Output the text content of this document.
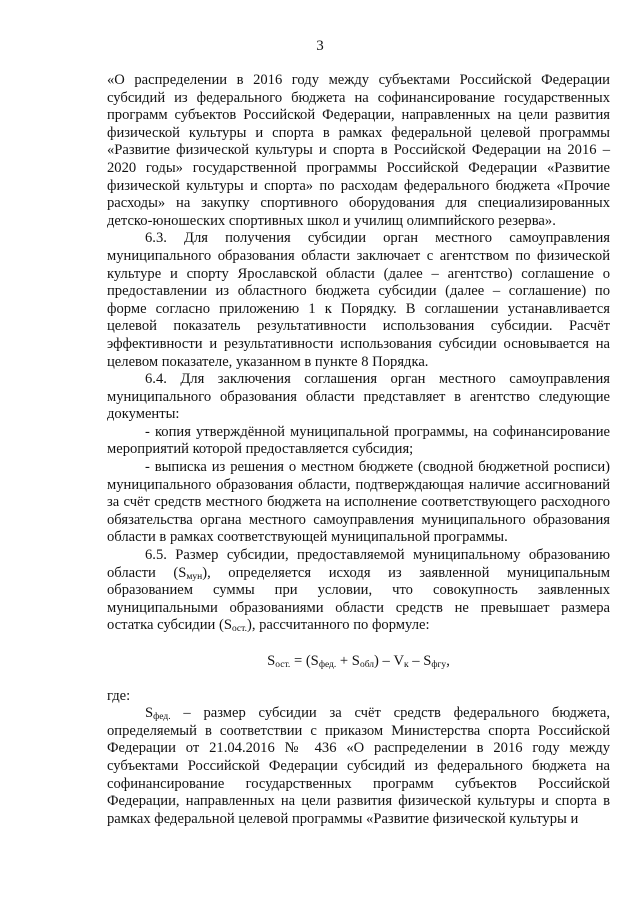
3

«О распределении в 2016 году между субъектами Российской Федерации субсидий из федерального бюджета на софинансирование государственных программ субъектов Российской Федерации, направленных на цели развития физической культуры и спорта в рамках федеральной целевой программы «Развитие физической культуры и спорта в Российской Федерации на 2016 – 2020 годы» государственной программы Российской Федерации «Развитие физической культуры и спорта» по расходам федерального бюджета «Прочие расходы» на закупку спортивного оборудования для специализированных детско-юношеских спортивных школ и училищ олимпийского резерва».

6.3. Для получения субсидии орган местного самоуправления муниципального образования области заключает с агентством по физической культуре и спорту Ярославской области (далее – агентство) соглашение о предоставлении из областного бюджета субсидии (далее – соглашение) по форме согласно приложению 1 к Порядку. В соглашении устанавливается целевой показатель результативности использования субсидии. Расчёт эффективности и результативности использования субсидии основывается на целевом показателе, указанном в пункте 8 Порядка.

6.4. Для заключения соглашения орган местного самоуправления муниципального образования области представляет в агентство следующие документы:

- копия утверждённой муниципальной программы, на софинансирование мероприятий которой предоставляется субсидия;

- выписка из решения о местном бюджете (сводной бюджетной росписи) муниципального образования области, подтверждающая наличие ассигнований за счёт средств местного бюджета на исполнение соответствующего расходного обязательства органа местного самоуправления муниципального образования области в рамках соответствующей муниципальной программы.

6.5. Размер субсидии, предоставляемой муниципальному образованию области $(S_{мун})$, определяется исходя из заявленной муниципальным образованием суммы при условии, что совокупность заявленных муниципальными образованиями области средств не превышает размера остатка субсидии $(S_{ост.})$, рассчитанного по формуле:

$S_{ост.} = (S_{фед.} + S_{обл}) - V_к - S_{фгу}$,

где:

$S_{фед.}$ – размер субсидии за счёт средств федерального бюджета, определяемый в соответствии с приказом Министерства спорта Российской Федерации от 21.04.2016 № 436 «О распределении в 2016 году между субъектами Российской Федерации субсидий из федерального бюджета на софинансирование государственных программ субъектов Российской Федерации, направленных на цели развития физической культуры и спорта в рамках федеральной целевой программы «Развитие физической культуры и
